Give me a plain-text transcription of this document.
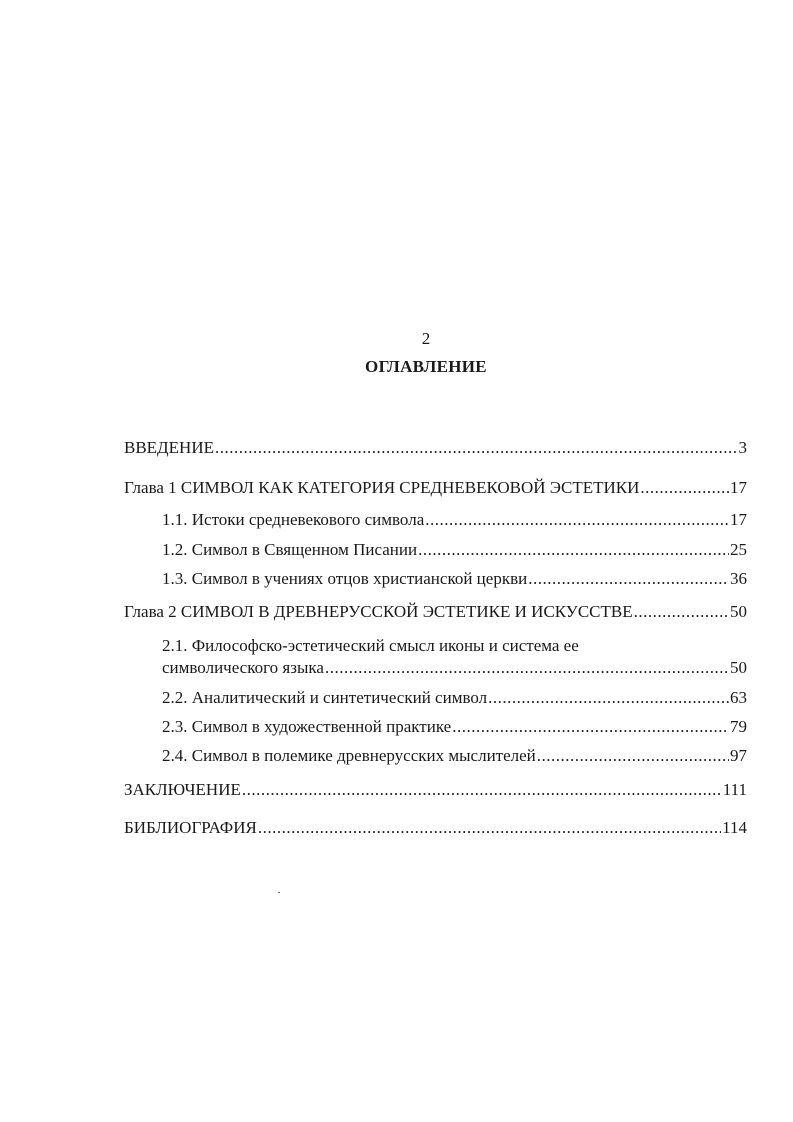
2
ОГЛАВЛЕНИЕ
ВВЕДЕНИЕ .....	3
Глава 1 СИМВОЛ КАК КАТЕГОРИЯ СРЕДНЕВЕКОВОЙ ЭСТЕТИКИ .....	17
1.1. Истоки средневекового символа .....	17
1.2. Символ в Священном Писании .....	25
1.3. Символ в учениях отцов христианской церкви .....	36
Глава 2 СИМВОЛ В ДРЕВНЕРУССКОЙ ЭСТЕТИКЕ И ИСКУССТВЕ .....	50
2.1. Философско-эстетический смысл иконы и система ее
символического языка .....	50
2.2. Аналитический и синтетический символ .....	63
2.3. Символ в художественной практике .....	79
2.4. Символ в полемике древнерусских мыслителей .....	97
ЗАКЛЮЧЕНИЕ .....	111
БИБЛИОГРАФИЯ .....	114
